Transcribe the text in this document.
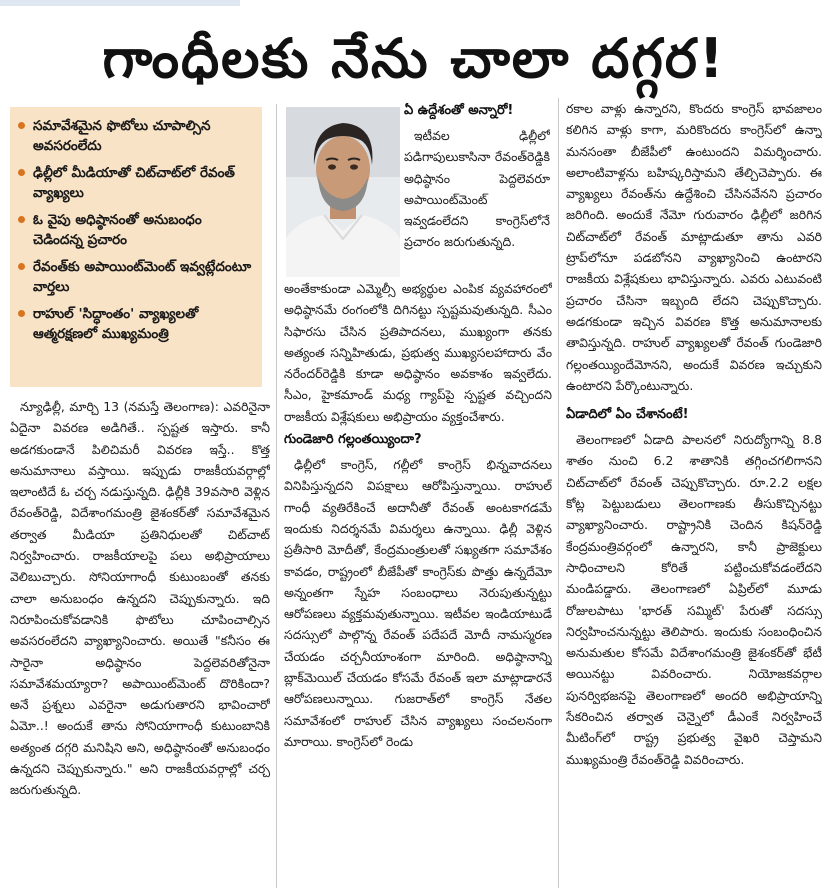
గాంధీలకు నేను చాలా దగ్గర!
సమావేశమైన ఫొటోలు చూపాల్సిన అవసరంలేదు
ఢిల్లీలో మీడియాతో చిట్‌చాట్‌లో రేవంత్ వ్యాఖ్యలు
ఓ వైపు అధిష్ఠానంతో అనుబంధం చెడిందన్న ప్రచారం
రేవంత్‌కు అపాయింట్‌మెంట్ ఇవ్వట్లేదంటూ వార్తలు
రాహుల్ 'సిద్ధాంతం' వ్యాఖ్యలతో ఆత్మరక్షణలో ముఖ్యమంత్రి

న్యూఢిల్లీ, మార్చి 13 (నమస్తే తెలంగాణ): ఎవరినైనా ఏదైనా వివరణ అడిగితే.. స్పష్టత ఇస్తారు. కానీ అడగకుండానే పిలిచిమరీ వివరణ ఇస్తే.. కొత్త అనుమానాలు వస్తాయి. ఇప్పుడు రాజకీయవర్గాల్లో ఇలాంటిదే ఓ చర్చ నడుస్తున్నది. ఢిల్లీకి 39వసారి వెళ్లిన రేవంత్‌రెడ్డి, విదేశాంగమంత్రి జైశంకర్‌తో సమావేశమైన తర్వాత మీడియా ప్రతినిధులతో చిట్‌చాట్ నిర్వహించారు. రాజకీయాలపై పలు అభిప్రాయాలు వెలిబుచ్చారు. సోనియాగాంధీ కుటుంబంతో తనకు చాలా అనుబంధం ఉన్నదని చెప్పుకున్నారు. ఇది నిరూపించుకోవడానికి ఫొటోలు చూపించాల్సిన అవసరంలేదని వ్యాఖ్యానించారు. అయితే "కనీసం ఈ సారైనా అధిష్ఠానం పెద్దలెవరితోనైనా సమావేశమయ్యారా? అపాయింట్‌మెంట్ దొరికిందా? అనే ప్రశ్నలు ఎవరైనా అడుగుతారని భావించారో ఏమో..! అందుకే తాను సోనియాగాంధీ కుటుంబానికి అత్యంత దగ్గరి మనిషిని అని, అధిష్ఠానంతో అనుబంధం ఉన్నదని చెప్పుకున్నారు." అని రాజకీయవర్గాల్లో చర్చ జరుగుతున్నది.

ఏ ఉద్దేశంతో అన్నారో!

ఇటీవల ఢిల్లీలో పడిగాపులుకాసినా రేవంత్‌రెడ్డికి అధిష్ఠానం పెద్దలెవరూ అపాయింట్‌మెంట్ ఇవ్వడంలేదని కాంగ్రెస్‌లోనే ప్రచారం జరుగుతున్నది.

అంతేకాకుండా ఎమ్మెల్సీ అభ్యర్థుల ఎంపిక వ్యవహారంలో అధిష్ఠానమే రంగంలోకి దిగినట్టు స్పష్టమవుతున్నది. సీఎం సిఫారసు చేసిన ప్రతిపాదనలు, ముఖ్యంగా తనకు అత్యంత సన్నిహితుడు, ప్రభుత్వ ముఖ్యసలహాదారు వేం నరేందర్‌రెడ్డికి కూడా అధిష్ఠానం అవకాశం ఇవ్వలేదు. సీఎం, హైకమాండ్ మధ్య గ్యాప్‌పై స్పష్టత వచ్చిందని రాజకీయ విశ్లేషకులు అభిప్రాయం వ్యక్తంచేశారు.

గుండెజారి గల్లంతయ్యిందా?

ఢిల్లీలో కాంగ్రెస్, గల్లీలో కాంగ్రెస్ భిన్నవాదనలు వినిపిస్తున్నదని విపక్షాలు ఆరోపిస్తున్నాయి. రాహుల్ గాంధీ వ్యతిరేకించే అదానీతో రేవంత్ అంటకాగడమే ఇందుకు నిదర్శనమే విమర్శలు ఉన్నాయి. ఢిల్లీ వెళ్లిన ప్రతీసారి మోదీతో, కేంద్రమంత్రులతో సఖ్యతగా సమావేశం కావడం, రాష్ట్రంలో బీజేపీతో కాంగ్రెస్‌కు పొత్తు ఉన్నదేమో అన్నంతగా స్నేహ సంబంధాలు నెరుపుతున్నట్టు ఆరోపణలు వ్యక్తమవుతున్నాయి. ఇటీవల ఇండియాటుడే సదస్సులో పాల్గొన్న రేవంత్ పదేపదే మోదీ నామస్మరణ చేయడం చర్చనీయాంశంగా మారింది. అధిష్ఠానాన్ని బ్లాక్‌మెయిల్ చేయడం కోసమే రేవంత్ ఇలా మాట్లాడారనే ఆరోపణలున్నాయి. గుజరాత్‌లో కాంగ్రెస్ నేతల సమావేశంలో రాహుల్ చేసిన వ్యాఖ్యలు సంచలనంగా మారాయి. కాంగ్రెస్‌లో రెండు

రకాల వాళ్లు ఉన్నారని, కొందరు కాంగ్రెస్ భావజాలం కలిగిన వాళ్లు కాగా, మరికొందరు కాంగ్రెస్‌లో ఉన్నా మనసంతా బీజేపీలో ఉంటుందని విమర్శించారు. అలాంటివాళ్లను బహిష్కరిస్తామని తేల్చిచెప్పారు. ఈ వ్యాఖ్యలు రేవంత్‌ను ఉద్దేశించి చేసినవేనని ప్రచారం జరిగింది. అందుకే నేమో గురువారం ఢిల్లీలో జరిగిన చిట్‌చాట్‌లో రేవంత్ మాట్లాడుతూ తాను ఎవరి ట్రాప్‌లోనూ పడబోనని వ్యాఖ్యానించి ఉంటారని రాజకీయ విశ్లేషకులు భావిస్తున్నారు. ఎవరు ఎటువంటి ప్రచారం చేసినా ఇబ్బంది లేదని చెప్పుకొచ్చారు. అడగకుండా ఇచ్చిన వివరణ కొత్త అనుమానాలకు తావిస్తున్నది. రాహుల్ వ్యాఖ్యలతో రేవంత్ గుండెజారి గల్లంతయ్యిందేమోనని, అందుకే వివరణ ఇచ్చుకుని ఉంటారని పేర్కొంటున్నారు.

ఏడాదిలో ఏం చేశానంటే!

తెలంగాణలో ఏడాది పాలనలో నిరుద్యోగాన్ని 8.8 శాతం నుంచి 6.2 శాతానికి తగ్గించగలిగానని చిట్‌చాట్‌లో రేవంత్ చెప్పుకొచ్చారు. రూ.2.2 లక్షల కోట్ల పెట్టుబడులు తెలంగాణకు తీసుకొచ్చినట్టు వ్యాఖ్యానించారు. రాష్ట్రానికి చెందిన కిషన్‌రెడ్డి కేంద్రమంత్రివర్గంలో ఉన్నారని, కానీ ప్రాజెక్టులు సాధించాలని కోరితే పట్టించుకోవడంలేదని మండిపడ్డారు. తెలంగాణలో ఏప్రిల్‌లో మూడు రోజులపాటు 'భారత్ సమ్మిట్' పేరుతో సదస్సు నిర్వహించనున్నట్టు తెలిపారు. ఇందుకు సంబంధించిన అనుమతుల కోసమే విదేశాంగమంత్రి జైశంకర్‌తో భేటీ అయినట్టు వివరించారు. నియోజకవర్గాల పునర్విభజనపై తెలంగాణలో అందరి అభిప్రాయాన్ని సేకరించిన తర్వాత చెన్నైలో డీఎంకే నిర్వహించే మీటింగ్‌లో రాష్ట్ర ప్రభుత్వ వైఖరి చెప్తామని ముఖ్యమంత్రి రేవంత్‌రెడ్డి వివరించారు.
